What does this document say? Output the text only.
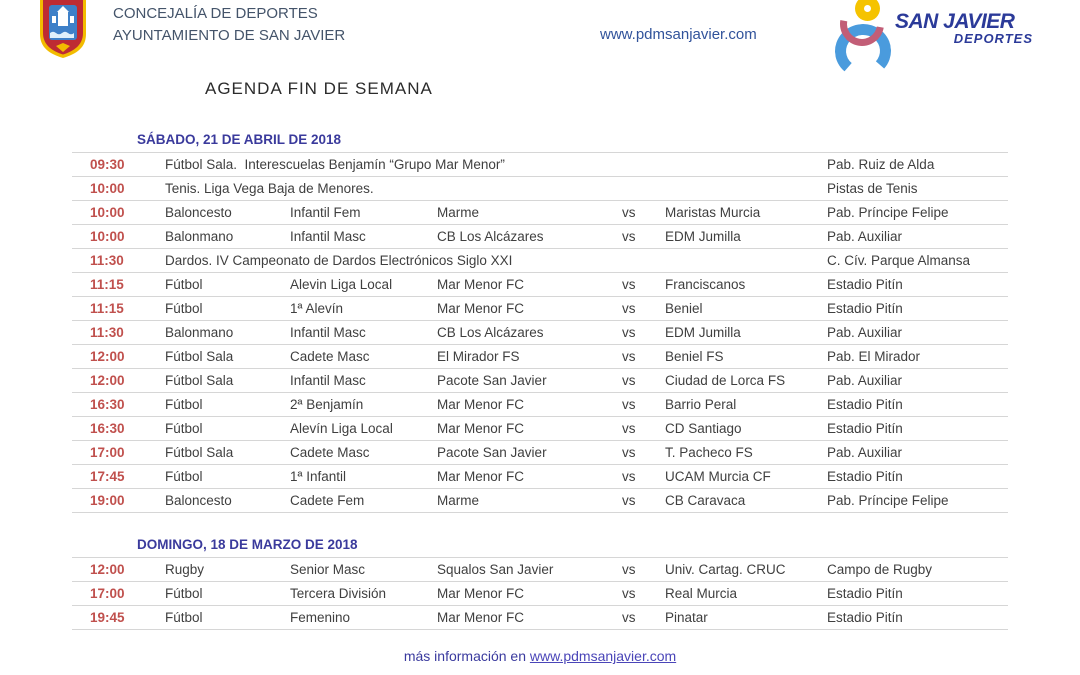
CONCEJALÍA DE DEPORTES
AYUNTAMIENTO DE SAN JAVIER	www.pdmsanjavier.com
SAN JAVIER
DEPORTES
AGENDA FIN DE SEMANA
SÁBADO, 21 DE ABRIL DE 2018
09:30	Fútbol Sala.  Interescuelas Benjamín “Grupo Mar Menor”	Pab. Ruiz de Alda
10:00	Tenis. Liga Vega Baja de Menores.	Pistas de Tenis
10:00	Baloncesto	Infantil Fem	Marme	vs	Maristas Murcia	Pab. Príncipe Felipe
10:00	Balonmano	Infantil Masc	CB Los Alcázares	vs	EDM Jumilla	Pab. Auxiliar
11:30	Dardos. IV Campeonato de Dardos Electrónicos Siglo XXI	C. Cív. Parque Almansa
11:15	Fútbol	Alevin Liga Local	Mar Menor FC	vs	Franciscanos	Estadio Pitín
11:15	Fútbol	1ª Alevín	Mar Menor FC	vs	Beniel	Estadio Pitín
11:30	Balonmano	Infantil Masc	CB Los Alcázares	vs	EDM Jumilla	Pab. Auxiliar
12:00	Fútbol Sala	Cadete Masc	El Mirador FS	vs	Beniel FS	Pab. El Mirador
12:00	Fútbol Sala	Infantil Masc	Pacote San Javier	vs	Ciudad de Lorca FS	Pab. Auxiliar
16:30	Fútbol	2ª Benjamín	Mar Menor FC	vs	Barrio Peral	Estadio Pitín
16:30	Fútbol	Alevín Liga Local	Mar Menor FC	vs	CD Santiago	Estadio Pitín
17:00	Fútbol Sala	Cadete Masc	Pacote San Javier	vs	T. Pacheco FS	Pab. Auxiliar
17:45	Fútbol	1ª Infantil	Mar Menor FC	vs	UCAM Murcia CF	Estadio Pitín
19:00	Baloncesto	Cadete Fem	Marme	vs	CB Caravaca	Pab. Príncipe Felipe
DOMINGO, 18 DE MARZO DE 2018
12:00	Rugby	Senior Masc	Squalos San Javier	vs	Univ. Cartag. CRUC	Campo de Rugby
17:00	Fútbol	Tercera División	Mar Menor FC	vs	Real Murcia	Estadio Pitín
19:45	Fútbol	Femenino	Mar Menor FC	vs	Pinatar	Estadio Pitín
más información en www.pdmsanjavier.com
